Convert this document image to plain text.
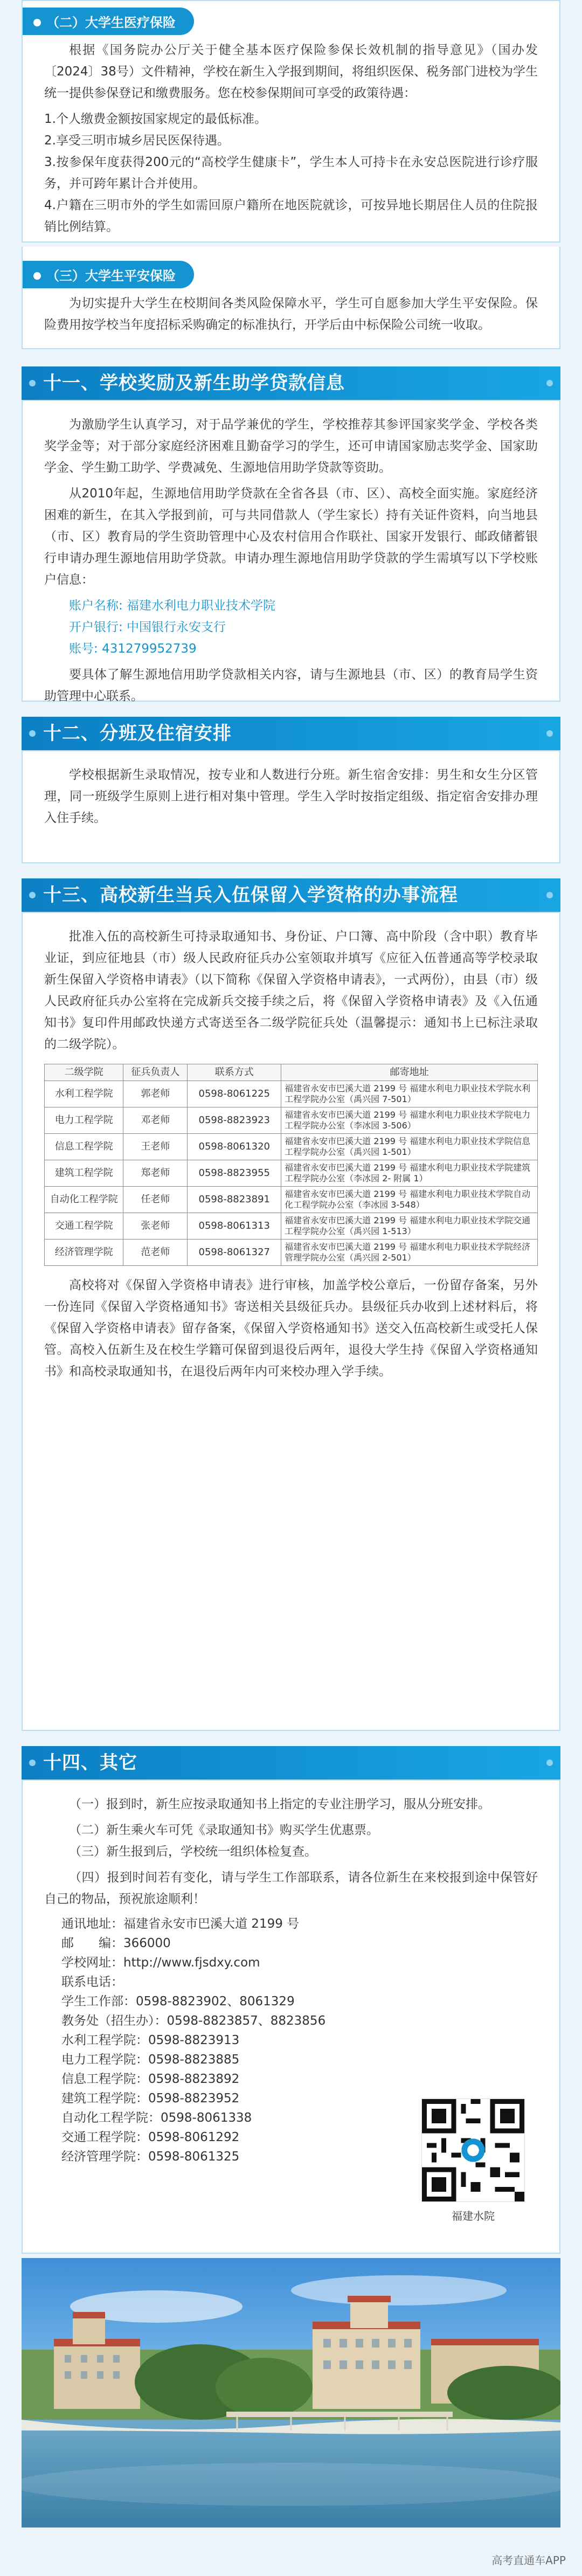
（二）大学生医疗保险

根据《国务院办公厅关于健全基本医疗保险参保长效机制的指导意见》（国办发〔2024〕38号）文件精神，学校在新生入学报到期间，将组织医保、税务部门进校为学生统一提供参保登记和缴费服务。您在校参保期间可享受的政策待遇：

1.个人缴费金额按国家规定的最低标准。

2.享受三明市城乡居民医保待遇。

3.按参保年度获得200元的“高校学生健康卡”，学生本人可持卡在永安总医院进行诊疗服务，并可跨年累计合并使用。

4.户籍在三明市外的学生如需回原户籍所在地医院就诊，可按异地长期居住人员的住院报销比例结算。

（三）大学生平安保险

为切实提升大学生在校期间各类风险保障水平，学生可自愿参加大学生平安保险。保险费用按学校当年度招标采购确定的标准执行，开学后由中标保险公司统一收取。

十一、学校奖励及新生助学贷款信息

为激励学生认真学习，对于品学兼优的学生，学校推荐其参评国家奖学金、学校各类奖学金等；对于部分家庭经济困难且勤奋学习的学生，还可申请国家励志奖学金、国家助学金、学生勤工助学、学费减免、生源地信用助学贷款等资助。

从2010年起，生源地信用助学贷款在全省各县（市、区）、高校全面实施。家庭经济困难的新生，在其入学报到前，可与共同借款人（学生家长）持有关证件资料，向当地县（市、区）教育局的学生资助管理中心及农村信用合作联社、国家开发银行、邮政储蓄银行申请办理生源地信用助学贷款。申请办理生源地信用助学贷款的学生需填写以下学校账户信息：

账户名称: 福建水利电力职业技术学院

开户银行: 中国银行永安支行

账号: 431279952739

要具体了解生源地信用助学贷款相关内容，请与生源地县（市、区）的教育局学生资助管理中心联系。

十二、分班及住宿安排

学校根据新生录取情况，按专业和人数进行分班。新生宿舍安排：男生和女生分区管理，同一班级学生原则上进行相对集中管理。学生入学时按指定组级、指定宿舍安排办理入住手续。

十三、高校新生当兵入伍保留入学资格的办事流程

批准入伍的高校新生可持录取通知书、身份证、户口簿、高中阶段（含中职）教育毕业证，到应征地县（市）级人民政府征兵办公室领取并填写《应征入伍普通高等学校录取新生保留入学资格申请表》（以下简称《保留入学资格申请表》，一式两份），由县（市）级人民政府征兵办公室将在完成新兵交接手续之后，将《保留入学资格申请表》及《入伍通知书》复印件用邮政快递方式寄送至各二级学院征兵处（温馨提示：通知书上已标注录取的二级学院）。

二级学院	征兵负责人	联系方式	邮寄地址
水利工程学院	郭老师	0598-8061225	福建省永安市巴溪大道 2199 号 福建水利电力职业技术学院水利工程学院办公室（禹兴园 7-501）
电力工程学院	邓老师	0598-8823923	福建省永安市巴溪大道 2199 号 福建水利电力职业技术学院电力工程学院办公室（李冰园 3-506）
信息工程学院	王老师	0598-8061320	福建省永安市巴溪大道 2199 号 福建水利电力职业技术学院信息工程学院办公室（禹兴园 1-501）
建筑工程学院	郑老师	0598-8823955	福建省永安市巴溪大道 2199 号 福建水利电力职业技术学院建筑工程学院办公室（李冰园 2- 附属 1）
自动化工程学院	任老师	0598-8823891	福建省永安市巴溪大道 2199 号 福建水利电力职业技术学院自动化工程学院办公室（李冰园 3-548）
交通工程学院	张老师	0598-8061313	福建省永安市巴溪大道 2199 号 福建水利电力职业技术学院交通工程学院办公室（禹兴园 1-513）
经济管理学院	范老师	0598-8061327	福建省永安市巴溪大道 2199 号 福建水利电力职业技术学院经济管理学院办公室（禹兴园 2-501）

高校将对《保留入学资格申请表》进行审核，加盖学校公章后，一份留存备案，另外一份连同《保留入学资格通知书》寄送相关县级征兵办。县级征兵办收到上述材料后，将《保留入学资格申请表》留存备案，《保留入学资格通知书》送交入伍高校新生或受托人保管。高校入伍新生及在校生学籍可保留到退役后两年，退役大学生持《保留入学资格通知书》和高校录取通知书，在退役后两年内可来校办理入学手续。

十四、其它

（一）报到时，新生应按录取通知书上指定的专业注册学习，服从分班安排。

（二）新生乘火车可凭《录取通知书》购买学生优惠票。

（三）新生报到后，学校统一组织体检复查。

（四）报到时间若有变化，请与学生工作部联系，请各位新生在来校报到途中保管好自己的物品，预祝旅途顺利！

通讯地址：福建省永安市巴溪大道 2199 号

邮　　编：366000

学校网址：http://www.fjsdxy.com

联系电话：

学生工作部：0598-8823902、8061329

教务处（招生办）：0598-8823857、8823856

水利工程学院：0598-8823913

电力工程学院：0598-8823885

信息工程学院：0598-8823892

建筑工程学院：0598-8823952

自动化工程学院：0598-8061338

交通工程学院：0598-8061292

经济管理学院：0598-8061325

福建水院
高考直通车APP
